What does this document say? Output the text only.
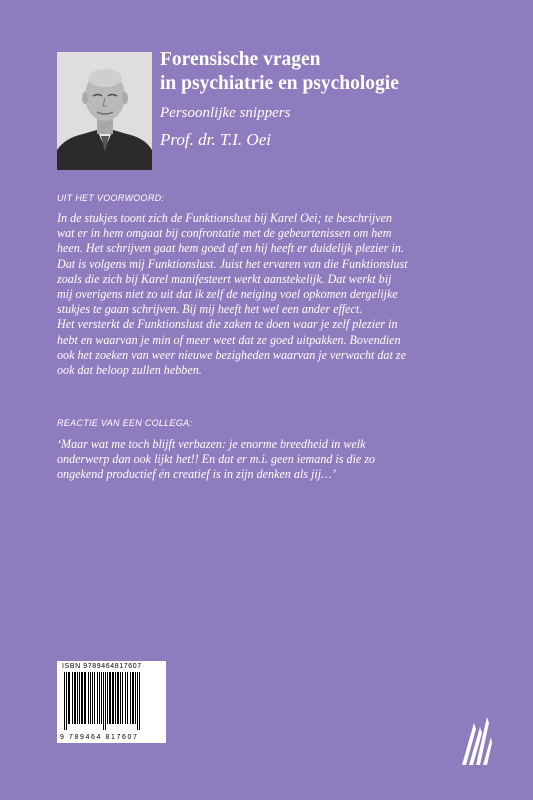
Forensische vragen
in psychiatrie en psychologie
Persoonlijke snippers
Prof. dr. T.I. Oei
UIT HET VOORWOORD:
In de stukjes toont zich de Funktionslust bij Karel Oei; te beschrijven
wat er in hem omgaat bij confrontatie met de gebeurtenissen om hem
heen. Het schrijven gaat hem goed af en hij heeft er duidelijk plezier in.
Dat is volgens mij Funktionslust. Juist het ervaren van die Funktionslust
zoals die zich bij Karel manifesteert werkt aanstekelijk. Dat werkt bij
mij overigens niet zo uit dat ik zelf de neiging voel opkomen dergelijke
stukjes te gaan schrijven. Bij mij heeft het wel een ander effect.
Het versterkt de Funktionslust die zaken te doen waar je zelf plezier in
hebt en waarvan je min of meer weet dat ze goed uitpakken. Bovendien
ook het zoeken van weer nieuwe bezigheden waarvan je verwacht dat ze
ook dat beloop zullen hebben.
REACTIE VAN EEN COLLEGA:
‘Maar wat me toch blijft verbazen: je enorme breedheid in welk
onderwerp dan ook lijkt het!! En dat er m.i. geen iemand is die zo
ongekend productief én creatief is in zijn denken als jij…’
ISBN 9789464817607
9 789464 817607
